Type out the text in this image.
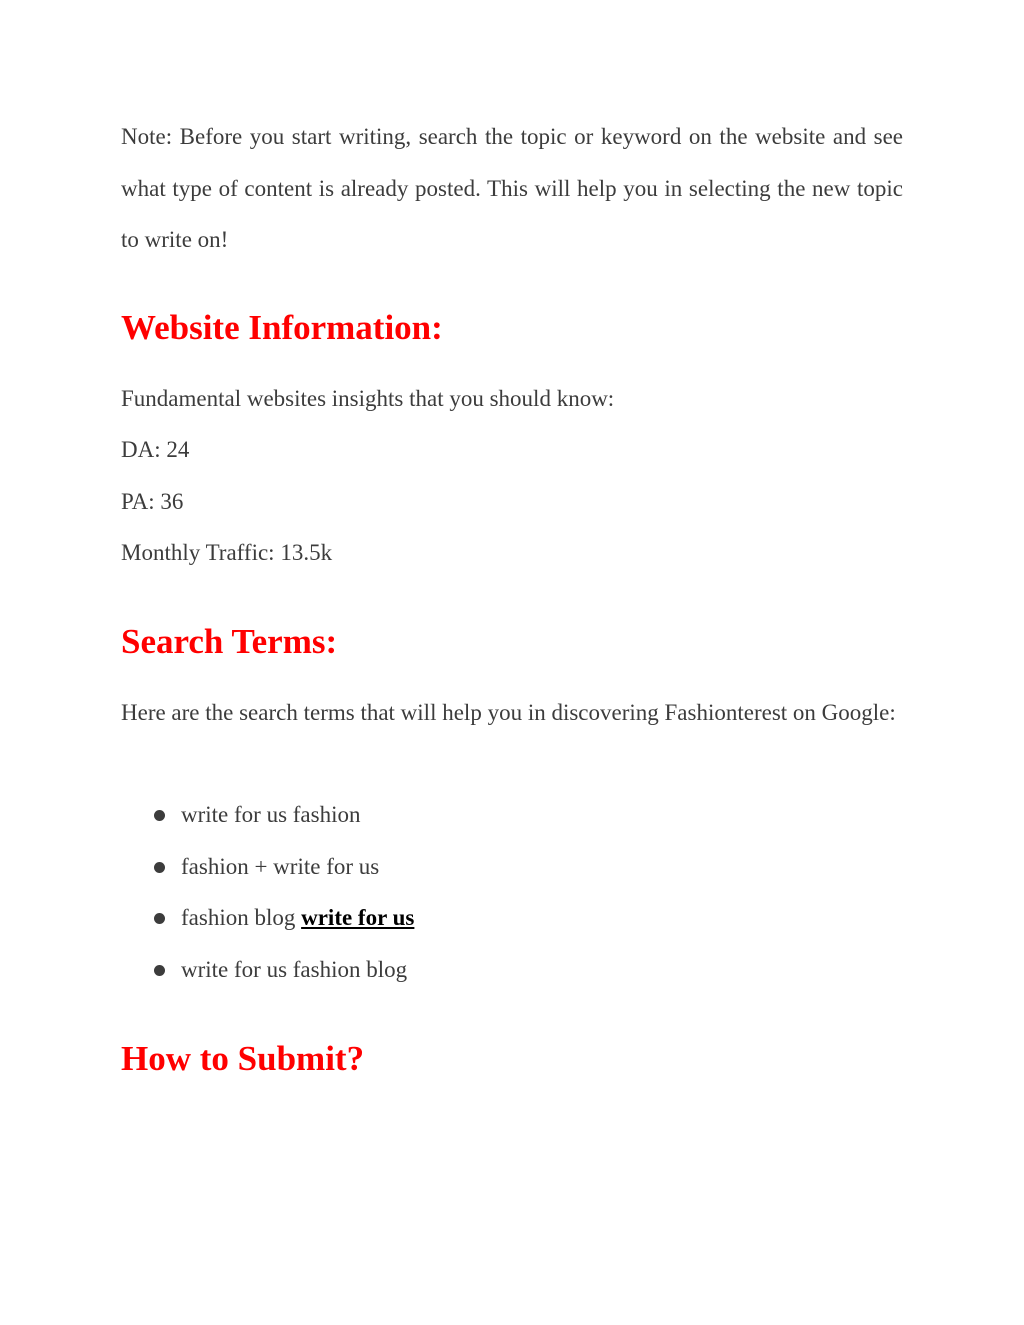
Note: Before you start writing, search the topic or keyword on the website and see what type of content is already posted. This will help you in selecting the new topic to write on!

Website Information:

Fundamental websites insights that you should know:

DA: 24

PA: 36

Monthly Traffic: 13.5k

Search Terms:

Here are the search terms that will help you in discovering Fashionterest on Google:

write for us fashion
fashion + write for us
fashion blog write for us
write for us fashion blog
How to Submit?
